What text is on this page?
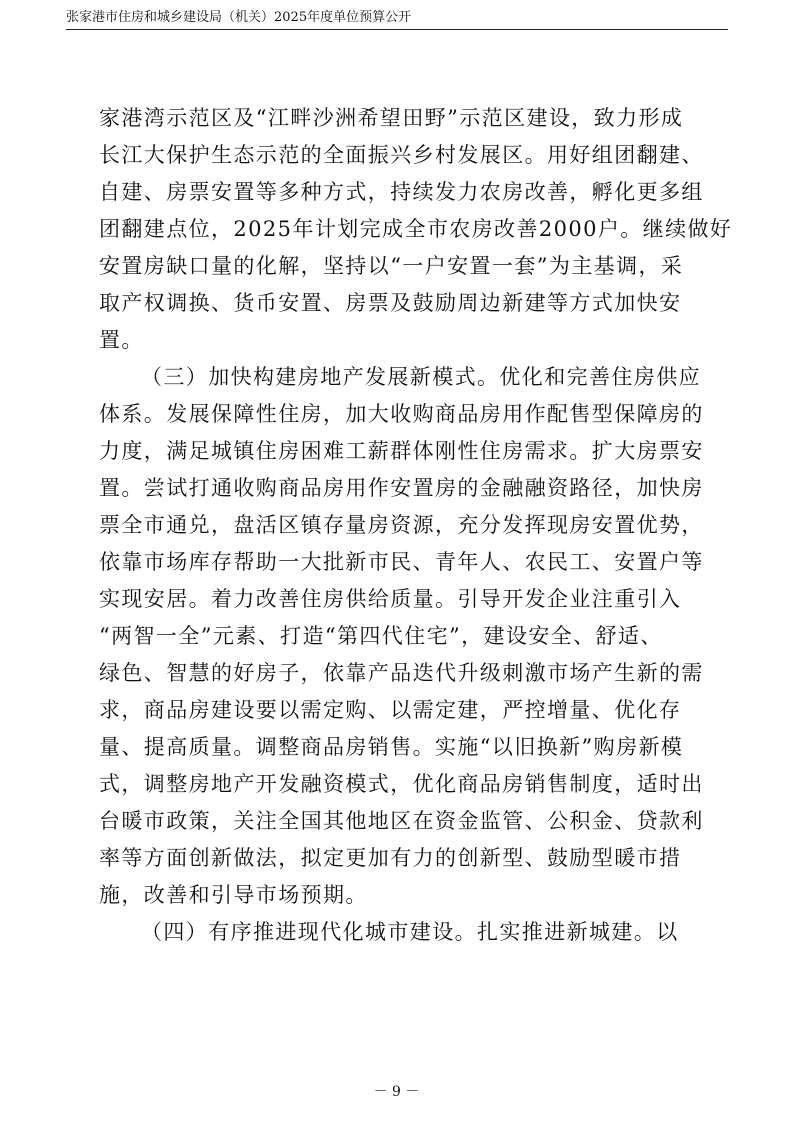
张家港市住房和城乡建设局（机关）2025年度单位预算公开
家港湾示范区及“江畔沙洲希望田野”示范区建设，致力形成
长江大保护生态示范的全面振兴乡村发展区。用好组团翻建、
自建、房票安置等多种方式，持续发力农房改善，孵化更多组
团翻建点位，2025年计划完成全市农房改善2000户。继续做好
安置房缺口量的化解，坚持以“一户安置一套”为主基调，采
取产权调换、货币安置、房票及鼓励周边新建等方式加快安
置。
（三）加快构建房地产发展新模式。优化和完善住房供应
体系。发展保障性住房，加大收购商品房用作配售型保障房的
力度，满足城镇住房困难工薪群体刚性住房需求。扩大房票安
置。尝试打通收购商品房用作安置房的金融融资路径，加快房
票全市通兑，盘活区镇存量房资源，充分发挥现房安置优势，
依靠市场库存帮助一大批新市民、青年人、农民工、安置户等
实现安居。着力改善住房供给质量。引导开发企业注重引入
“两智一全”元素、打造“第四代住宅”，建设安全、舒适、
绿色、智慧的好房子，依靠产品迭代升级刺激市场产生新的需
求，商品房建设要以需定购、以需定建，严控增量、优化存
量、提高质量。调整商品房销售。实施“以旧换新”购房新模
式，调整房地产开发融资模式，优化商品房销售制度，适时出
台暖市政策，关注全国其他地区在资金监管、公积金、贷款利
率等方面创新做法，拟定更加有力的创新型、鼓励型暖市措
施，改善和引导市场预期。
（四）有序推进现代化城市建设。扎实推进新城建。以
－ 9 －
